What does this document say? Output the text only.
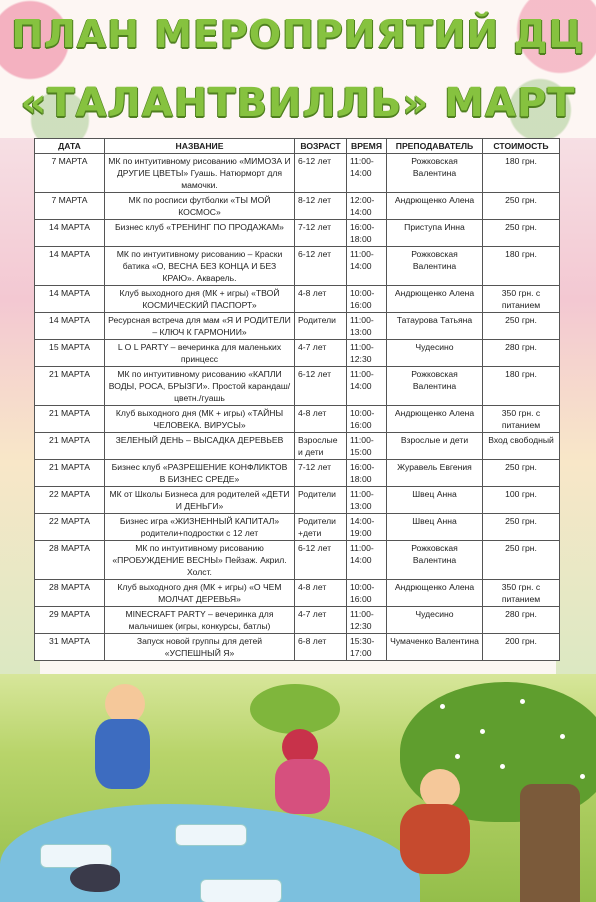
ПЛАН МЕРОПРИЯТИЙ ДЦ
«ТАЛАНТВИЛЛЬ» МАРТ
ДАТА	НАЗВАНИЕ	ВОЗРАСТ	ВРЕМЯ	ПРЕПОДАВАТЕЛЬ	СТОИМОСТЬ
7 МАРТА	МК по интуитивному рисованию «МИМОЗА И ДРУГИЕ ЦВЕТЫ» Гуашь. Натюрморт для мамочки.	6-12 лет	11:00-14:00	Рожковская Валентина	180 грн.
7 МАРТА	МК по росписи футболки «ТЫ МОЙ КОСМОС»	8-12 лет	12:00-14:00	Андрющенко Алена	250 грн.
14 МАРТА	Бизнес клуб «ТРЕНИНГ ПО ПРОДАЖАМ»	7-12 лет	16:00-18:00	Приступа Инна	250 грн.
14 МАРТА	МК по интуитивному рисованию – Краски батика «О, ВЕСНА БЕЗ КОНЦА И БЕЗ КРАЮ». Акварель.	6-12 лет	11:00-14:00	Рожковская Валентина	180 грн.
14 МАРТА	Клуб выходного дня (МК + игры) «ТВОЙ КОСМИЧЕСКИЙ ПАСПОРТ»	4-8 лет	10:00-16:00	Андрющенко Алена	350 грн. с питанием
14 МАРТА	Ресурсная встреча для мам «Я И РОДИТЕЛИ – КЛЮЧ К ГАРМОНИИ»	Родители	11:00-13:00	Татаурова Татьяна	250 грн.
15 МАРТА	L O L PARTY – вечеринка для маленьких принцесс	4-7 лет	11:00-12:30	Чудесино	280 грн.
21 МАРТА	МК по интуитивному рисованию «КАПЛИ ВОДЫ, РОСА, БРЫЗГИ». Простой карандаш/цветн./гуашь	6-12 лет	11:00-14:00	Рожковская Валентина	180 грн.
21 МАРТА	Клуб выходного дня (МК + игры) «ТАЙНЫ ЧЕЛОВЕКА. ВИРУСЫ»	4-8 лет	10:00-16:00	Андрющенко Алена	350 грн. с питанием
21 МАРТА	ЗЕЛЕНЫЙ ДЕНЬ – ВЫСАДКА ДЕРЕВЬЕВ	Взрослые и дети	11:00-15:00	Взрослые и дети	Вход свободный
21 МАРТА	Бизнес клуб «РАЗРЕШЕНИЕ КОНФЛИКТОВ В БИЗНЕС СРЕДЕ»	7-12 лет	16:00-18:00	Журавель Евгения	250 грн.
22 МАРТА	МК от Школы Бизнеса для родителей «ДЕТИ И ДЕНЬГИ»	Родители	11:00-13:00	Швец Анна	100 грн.
22 МАРТА	Бизнес игра «ЖИЗНЕННЫЙ КАПИТАЛ» родители+подростки с 12 лет	Родители +дети	14:00-19:00	Швец Анна	250 грн.
28 МАРТА	МК по интуитивному рисованию «ПРОБУЖДЕНИЕ ВЕСНЫ» Пейзаж. Акрил. Холст.	6-12 лет	11:00-14:00	Рожковская Валентина	250 грн.
28 МАРТА	Клуб выходного дня (МК + игры) «О ЧЕМ МОЛЧАТ ДЕРЕВЬЯ»	4-8 лет	10:00-16:00	Андрющенко Алена	350 грн. с питанием
29 МАРТА	MINECRAFT PARTY – вечеринка для мальчишек (игры, конкурсы, батлы)	4-7 лет	11:00-12:30	Чудесино	280 грн.
31 МАРТА	Запуск новой группы для детей «УСПЕШНЫЙ Я»	6-8 лет	15:30-17:00	Чумаченко Валентина	200 грн.
